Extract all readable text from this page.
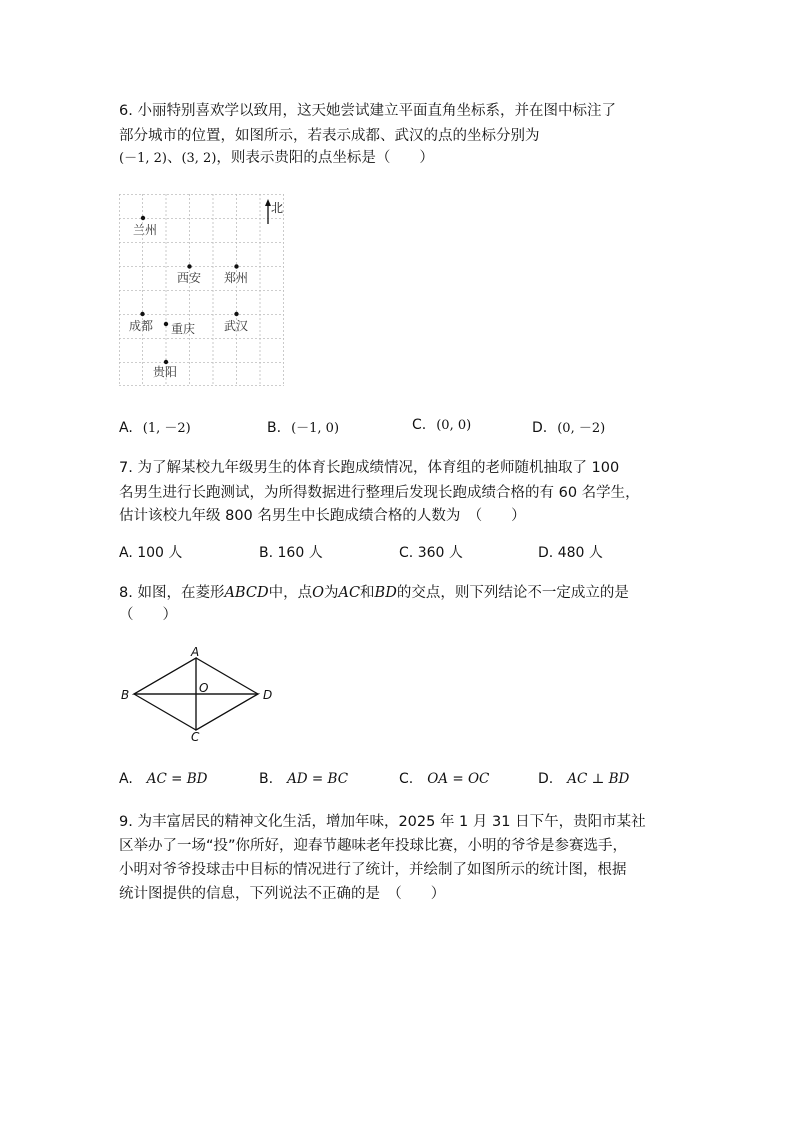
6. 小丽特别喜欢学以致用，这天她尝试建立平面直角坐标系，并在图中标注了
部分城市的位置，如图所示，若表示成都、武汉的点的坐标分别为
(－1, 2)、(3, 2)，则表示贵阳的点坐标是（　　）
北
兰州
西安 郑州
成都 重庆 武汉
贵阳
A. (1, －2)	B. (－1, 0)	C. (0, 0)	D. (0, －2)
7. 为了解某校九年级男生的体育长跑成绩情况，体育组的老师随机抽取了 100
名男生进行长跑测试，为所得数据进行整理后发现长跑成绩合格的有 60 名学生，
估计该校九年级 800 名男生中长跑成绩合格的人数为　（　　）
A. 100 人	B. 160 人	C. 360 人	D. 480 人
8. 如图，在菱形ABCD中，点O为AC和BD的交点，则下列结论不一定成立的是
（　　）
A
B	D
C
O
A. AC = BD	B. AD = BC	C. OA = OC	D. AC ⊥ BD
9. 为丰富居民的精神文化生活，增加年味，2025 年 1 月 31 日下午，贵阳市某社
区举办了一场“投”你所好，迎春节趣味老年投球比赛，小明的爷爷是参赛选手，
小明对爷爷投球击中目标的情况进行了统计，并绘制了如图所示的统计图，根据
统计图提供的信息，下列说法不正确的是　（　　）
